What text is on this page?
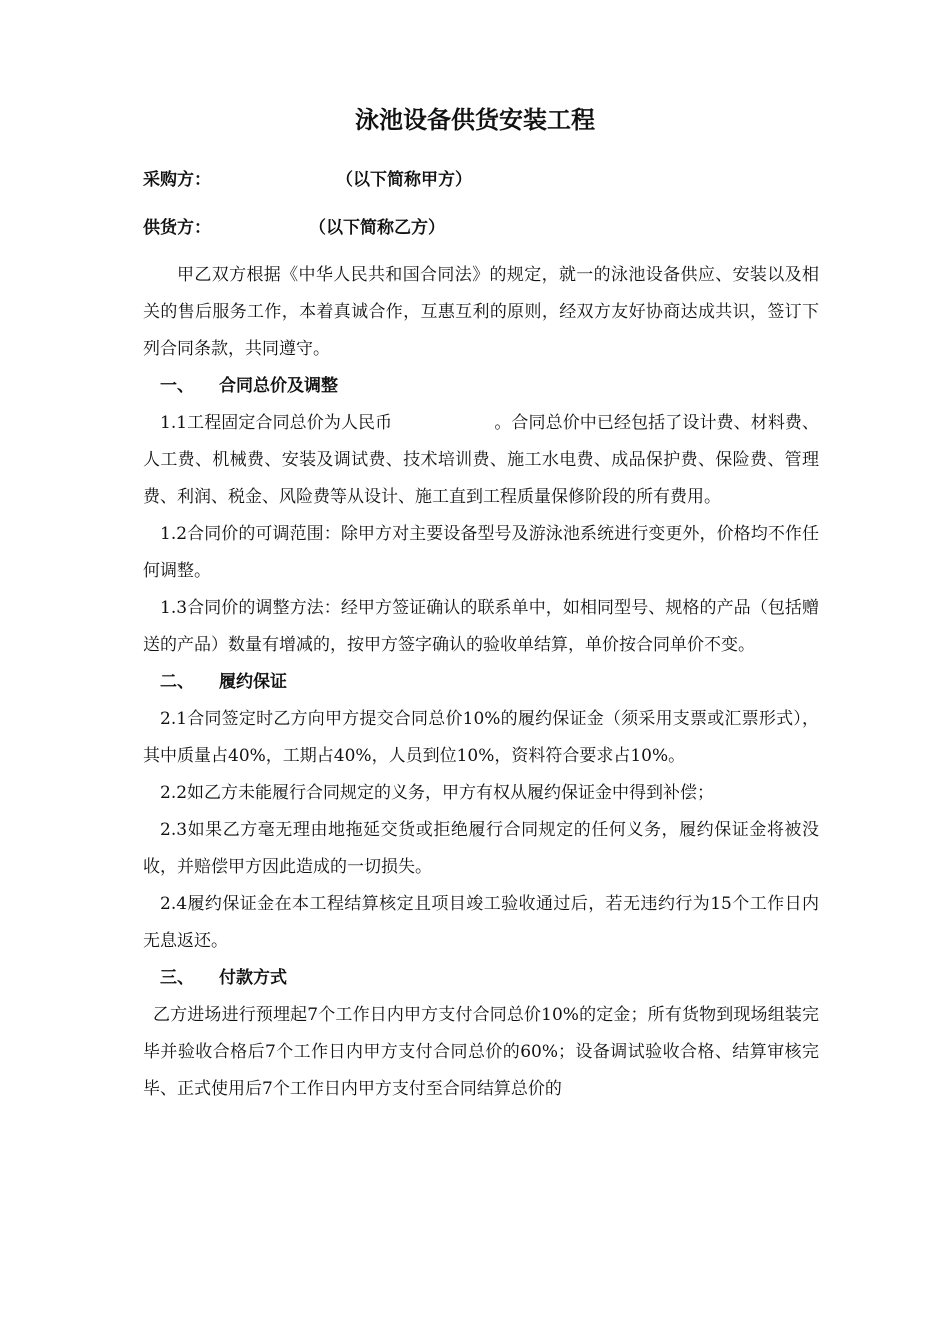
泳池设备供货安装工程
采购方：	（以下简称甲方）
供货方：	（以下简称乙方）

甲乙双方根据《中华人民共和国合同法》的规定，就一的泳池设备供应、安装以及相关的售后服务工作，本着真诚合作，互惠互利的原则，经双方友好协商达成共识，签订下列合同条款，共同遵守。

一、 合同总价及调整

1.1工程固定合同总价为人民币	。合同总价中已经包括了设计费、材料费、人工费、机械费、安装及调试费、技术培训费、施工水电费、成品保护费、保险费、管理费、利润、税金、风险费等从设计、施工直到工程质量保修阶段的所有费用。

1.2合同价的可调范围：除甲方对主要设备型号及游泳池系统进行变更外，价格均不作任何调整。

1.3合同价的调整方法：经甲方签证确认的联系单中，如相同型号、规格的产品（包括赠送的产品）数量有增减的，按甲方签字确认的验收单结算，单价按合同单价不变。

二、 履约保证

2.1合同签定时乙方向甲方提交合同总价10%的履约保证金（须采用支票或汇票形式），其中质量占40%，工期占40%，人员到位10%，资料符合要求占10%。

2.2如乙方未能履行合同规定的义务，甲方有权从履约保证金中得到补偿；

2.3如果乙方毫无理由地拖延交货或拒绝履行合同规定的任何义务，履约保证金将被没收，并赔偿甲方因此造成的一切损失。

2.4履约保证金在本工程结算核定且项目竣工验收通过后，若无违约行为15个工作日内无息返还。

三、 付款方式

乙方进场进行预埋起7个工作日内甲方支付合同总价10%的定金；所有货物到现场组装完毕并验收合格后7个工作日内甲方支付合同总价的60%；设备调试验收合格、结算审核完毕、正式使用后7个工作日内甲方支付至合同结算总价的
